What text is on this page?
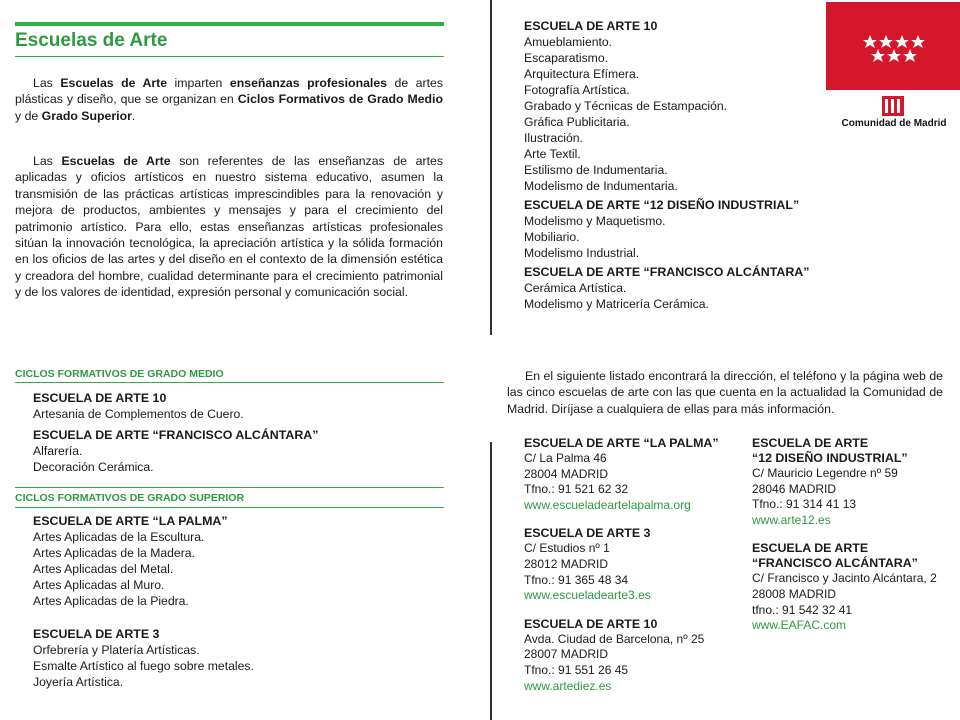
Escuelas de Arte

Las Escuelas de Arte imparten enseñanzas profesionales de artes plásticas y diseño, que se organizan en Ciclos Formativos de Grado Medio y de Grado Superior.

Las Escuelas de Arte son referentes de las enseñanzas de artes aplicadas y oficios artísticos en nuestro sistema educativo, asumen la transmisión de las prácticas artísticas imprescindibles para la renovación y mejora de productos, ambientes y mensajes y para el crecimiento del patrimonio artístico. Para ello, estas enseñanzas artísticas profesionales sitúan la innovación tecnológica, la apreciación artística y la sólida formación en los oficios de las artes y del diseño en el contexto de la dimensión estética y creadora del hombre, cualidad determinante para el crecimiento patrimonial y de los valores de identidad, expresión personal y comunicación social.

CICLOS FORMATIVOS DE GRADO MEDIO

ESCUELA DE ARTE 10

Artesania de Complementos de Cuero.

ESCUELA DE ARTE “FRANCISCO ALCÁNTARA”

Alfarería.
Decoración Cerámica.

CICLOS FORMATIVOS DE GRADO SUPERIOR

ESCUELA DE ARTE “LA PALMA”

Artes Aplicadas de la Escultura.
Artes Aplicadas de la Madera.
Artes Aplicadas del Metal.
Artes Aplicadas al Muro.
Artes Aplicadas de la Piedra.

ESCUELA DE ARTE 3

Orfebrería y Platería Artísticas.
Esmalte Artístico al fuego sobre metales.
Joyería Artística.

ESCUELA DE ARTE 10

Amueblamiento.
Escaparatismo.
Arquitectura Efímera.
Fotografía Artística.
Grabado y Técnicas de Estampación.
Gráfica Publicitaria.
Ilustración.
Arte Textil.
Estilismo de Indumentaria.
Modelismo de Indumentaria.

ESCUELA DE ARTE “12 DISEÑO INDUSTRIAL”

Modelismo y Maquetismo.
Mobiliario.
Modelismo Industrial.

ESCUELA DE ARTE “FRANCISCO ALCÁNTARA”

Cerámica Artística.
Modelismo y Matricería Cerámica.

En el siguiente listado encontrará la dirección, el teléfono y la página web de las cinco escuelas de arte con las que cuenta en la actualidad la Comunidad de Madrid. Diríjase a cualquiera de ellas para más información.

ESCUELA DE ARTE “LA PALMA”

C/ La Palma 46

28004 MADRID

Tfno.: 91 521 62 32

www.escueladeartelapalma.org

ESCUELA DE ARTE 3

C/ Estudios nº 1

28012 MADRID

Tfno.: 91 365 48 34

www.escueladearte3.es

ESCUELA DE ARTE 10

Avda. Ciudad de Barcelona, nº 25

28007 MADRID

Tfno.: 91 551 26 45

www.artediez.es

ESCUELA DE ARTE

“12 DISEÑO INDUSTRIAL”

C/ Mauricio Legendre nº 59

28046 MADRID

Tfno.: 91 314 41 13

www.arte12.es

ESCUELA DE ARTE

“FRANCISCO ALCÁNTARA”

C/ Francisco y Jacinto Alcántara, 2

28008 MADRID

tfno.: 91 542 32 41

www.EAFAC.com

Comunidad de Madrid
